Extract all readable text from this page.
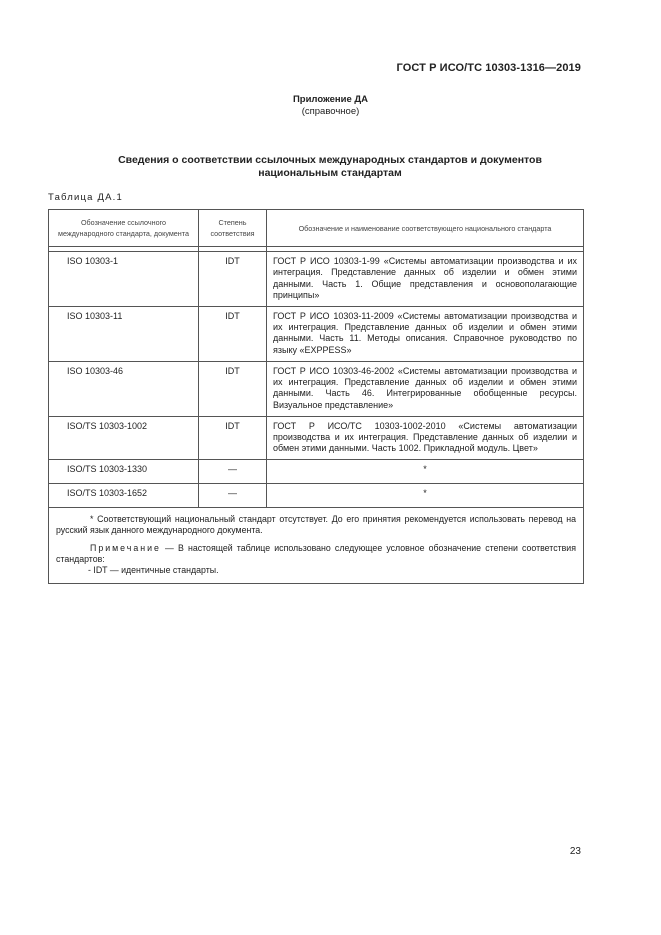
ГОСТ Р ИСО/ТС 10303-1316—2019
Приложение ДА
(справочное)
Сведения о соответствии ссылочных международных стандартов и документов
национальным стандартам
Таблица ДА.1
Обозначение ссылочного международного стандарта, документа	Степень соответствия	Обозначение и наименование соответствующего национального стандарта

ISO 10303-1	IDT	ГОСТ Р ИСО 10303-1-99 «Системы автоматизации производства и их интеграция. Представление данных об изделии и обмен этими данными. Часть 1. Общие представления и основополагающие принципы»
ISO 10303-11	IDT	ГОСТ Р ИСО 10303-11-2009 «Системы автоматизации производства и их интеграция. Представление данных об изделии и обмен этими данными. Часть 11. Методы описания. Справочное руководство по языку «EXPPESS»
ISO 10303-46	IDT	ГОСТ Р ИСО 10303-46-2002 «Системы автоматизации производства и их интеграция. Представление данных об изделии и обмен этими данными. Часть 46. Интегрированные обобщенные ресурсы. Визуальное представление»
ISO/TS 10303-1002	IDT	ГОСТ Р ИСО/ТС 10303-1002-2010 «Системы автоматизации производства и их интеграция. Представление данных об изделии и обмен этими данными. Часть 1002. Прикладной модуль. Цвет»
ISO/TS 10303-1330	—	*
ISO/TS 10303-1652	—	*

* Соответствующий национальный стандарт отсутствует. До его принятия рекомендуется использовать перевод на русский язык данного международного документа.

Примечание — В настоящей таблице использовано следующее условное обозначение степени соответствия стандартов:

- IDT — идентичные стандарты.		

23
